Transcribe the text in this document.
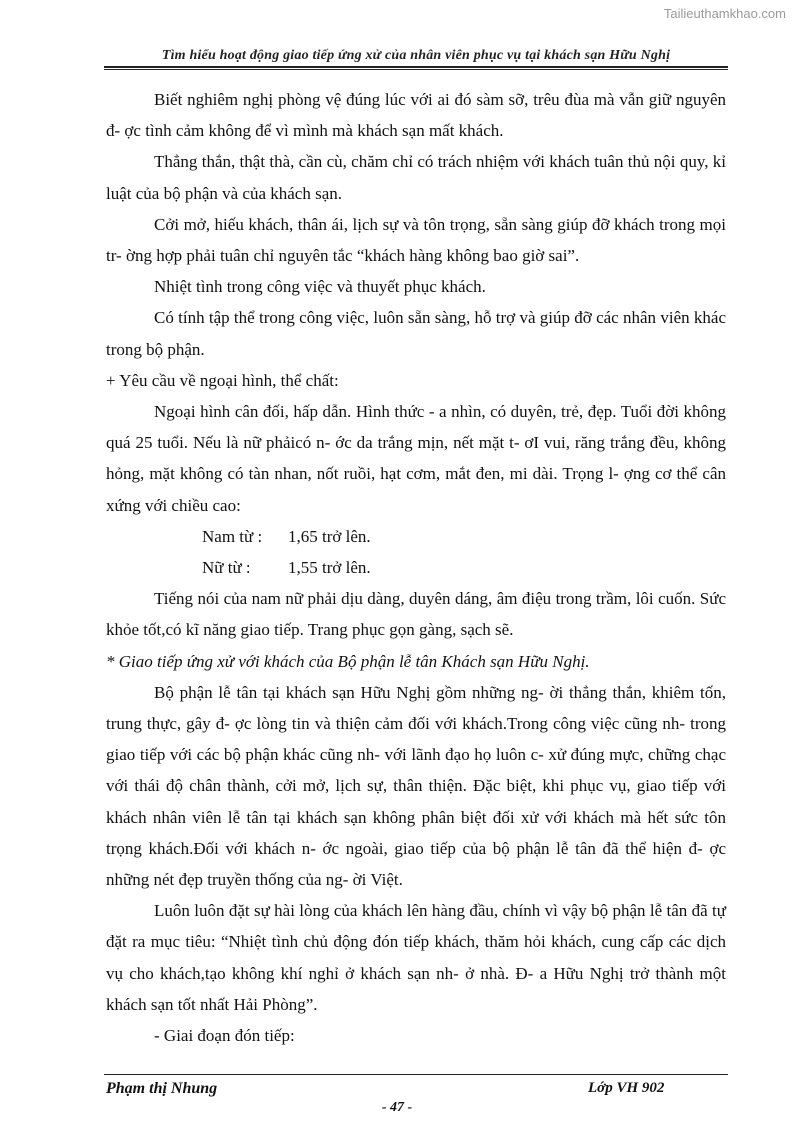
Tailieuthamkhao.com
Tìm hiểu hoạt động giao tiếp ứng xử của nhân viên phục vụ tại khách sạn Hữu Nghị

Biết nghiêm nghị phòng vệ đúng lúc với ai đó sàm sỡ, trêu đùa mà vẫn giữ nguyên đ- ợc tình cảm không để vì mình mà khách sạn mất khách.

Thẳng thắn, thật thà, cần cù, chăm chỉ có trách nhiệm với khách tuân thủ nội quy, kỉ luật của bộ phận và của khách sạn.

Cởi mở, hiếu khách, thân ái, lịch sự và tôn trọng, sẵn sàng giúp đỡ khách trong mọi tr- ờng hợp phải tuân chỉ nguyên tắc “khách hàng không bao giờ sai”.

Nhiệt tình trong công việc và thuyết phục khách.

Có tính tập thể trong công việc, luôn sẵn sàng, hỗ trợ và giúp đỡ các nhân viên khác trong bộ phận.

+ Yêu cầu về ngoại hình, thể chất:

Ngoại hình cân đối, hấp dẫn. Hình thức - a nhìn, có duyên, trẻ, đẹp. Tuổi đời không quá 25 tuổi. Nếu là nữ phảicó n- ớc da trắng mịn, nết mặt t- ơI vui, răng trắng đều, không hỏng, mặt không có tàn nhan, nốt ruồi, hạt cơm, mắt đen, mi dài. Trọng l- ợng cơ thể cân xứng với chiều cao:

Nam từ : 1,65 trở lên.

Nữ từ : 1,55 trở lên.

Tiếng nói của nam nữ phải dịu dàng, duyên dáng, âm điệu trong trầm, lôi cuốn. Sức khỏe tốt,có kĩ năng giao tiếp. Trang phục gọn gàng, sạch sẽ.

* Giao tiếp ứng xử với khách của Bộ phận lễ tân Khách sạn Hữu Nghị.

Bộ phận lễ tân tại khách sạn Hữu Nghị gồm những ng- ời thẳng thắn, khiêm tốn, trung thực, gây đ- ợc lòng tin và thiện cảm đối với khách.Trong công việc cũng nh- trong giao tiếp với các bộ phận khác cũng nh- với lãnh đạo họ luôn c- xử đúng mực, chững chạc với thái độ chân thành, cởi mở, lịch sự, thân thiện. Đặc biệt, khi phục vụ, giao tiếp với khách nhân viên lễ tân tại khách sạn không phân biệt đối xử với khách mà hết sức tôn trọng khách.Đối với khách n- ớc ngoài, giao tiếp của bộ phận lễ tân đã thể hiện đ- ợc những nét đẹp truyền thống của ng- ời Việt.

Luôn luôn đặt sự hài lòng của khách lên hàng đầu, chính vì vậy bộ phận lễ tân đã tự đặt ra mục tiêu: “Nhiệt tình chủ động đón tiếp khách, thăm hỏi khách, cung cấp các dịch vụ cho khách,tạo không khí nghỉ ở khách sạn nh- ở nhà. Đ- a Hữu Nghị trở thành một khách sạn tốt nhất Hải Phòng”.

- Giai đoạn đón tiếp:

Phạm thị Nhung	Lớp VH 902
- 47 -
